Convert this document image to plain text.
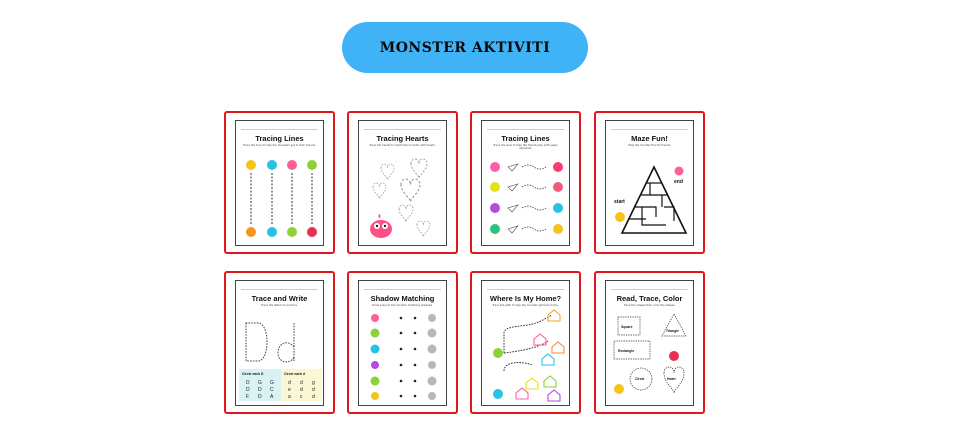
MONSTER AKTIVITI
Tracing Lines
Trace the lines to help the monsters get to their friends.
Tracing Hearts
Trace the hearts to match the monster with hearts.
Tracing Lines
Trace the lines to help the friends play with paper airplanes.
Maze Fun!
Help the monster find its friends.
start
end
Trace and Write
Trace the letters to practice.
Circle each D	Circle each d
D G G
D D C
F D A
d d g
e d d
a c d
Shadow Matching
Draw a line to the monster matching shadows.
Where Is My Home?
Trace the path to help the monster get back home.
Read, Trace, Color
Trace the shapes then color the shapes.
Square
Triangle
Rectangle
Circle	Heart
